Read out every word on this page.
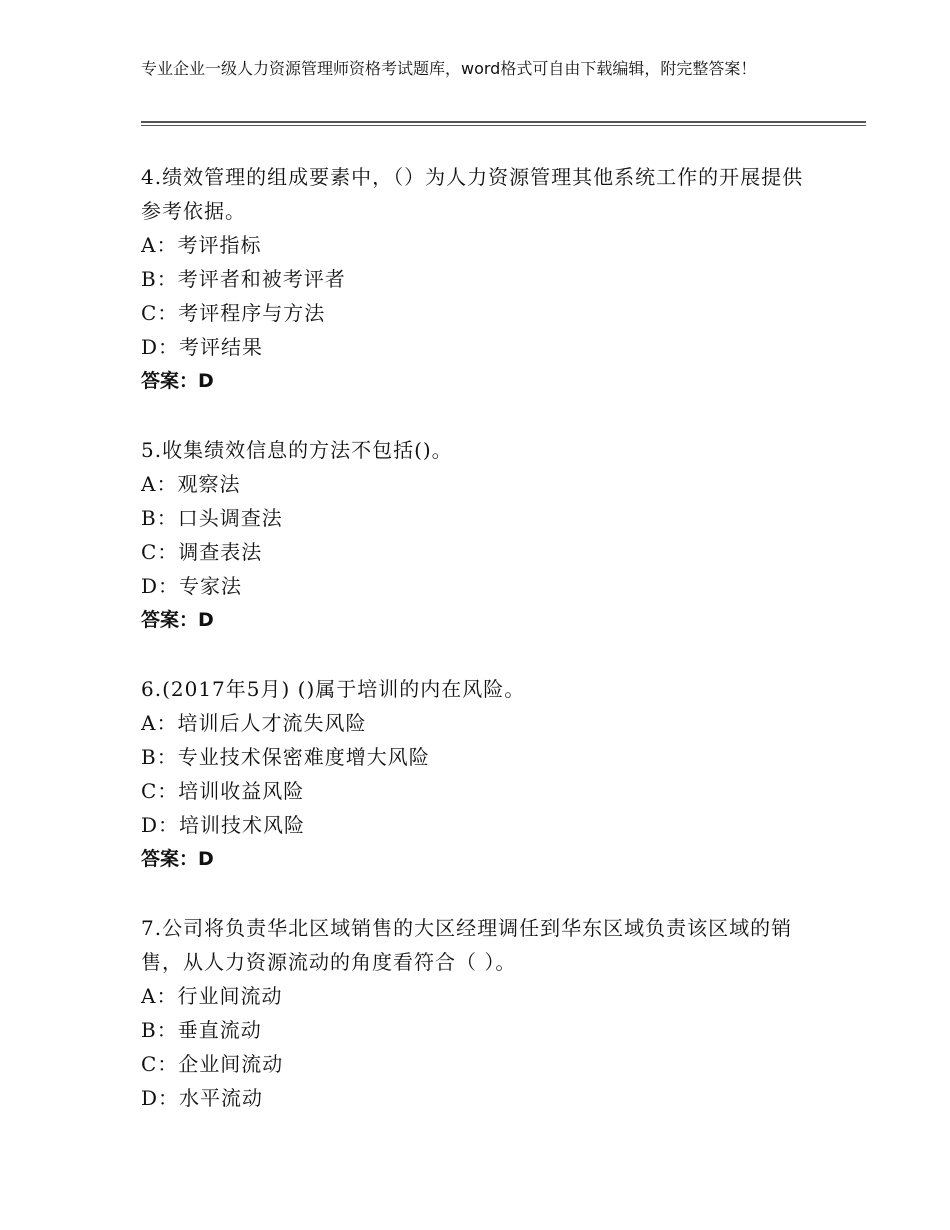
专业企业一级人力资源管理师资格考试题库，word格式可自由下载编辑，附完整答案！

4.绩效管理的组成要素中，（）为人力资源管理其他系统工作的开展提供参考依据。

A：考评指标

B：考评者和被考评者

C：考评程序与方法

D：考评结果

答案：D

5.收集绩效信息的方法不包括()。

A：观察法

B：口头调查法

C：调查表法

D：专家法

答案：D

6.(2017年5月) ()属于培训的内在风险。

A：培训后人才流失风险

B：专业技术保密难度增大风险

C：培训收益风险

D：培训技术风险

答案：D

7.公司将负责华北区域销售的大区经理调任到华东区域负责该区域的销售，从人力资源流动的角度看符合（ ）。

A：行业间流动

B：垂直流动

C：企业间流动

D：水平流动
